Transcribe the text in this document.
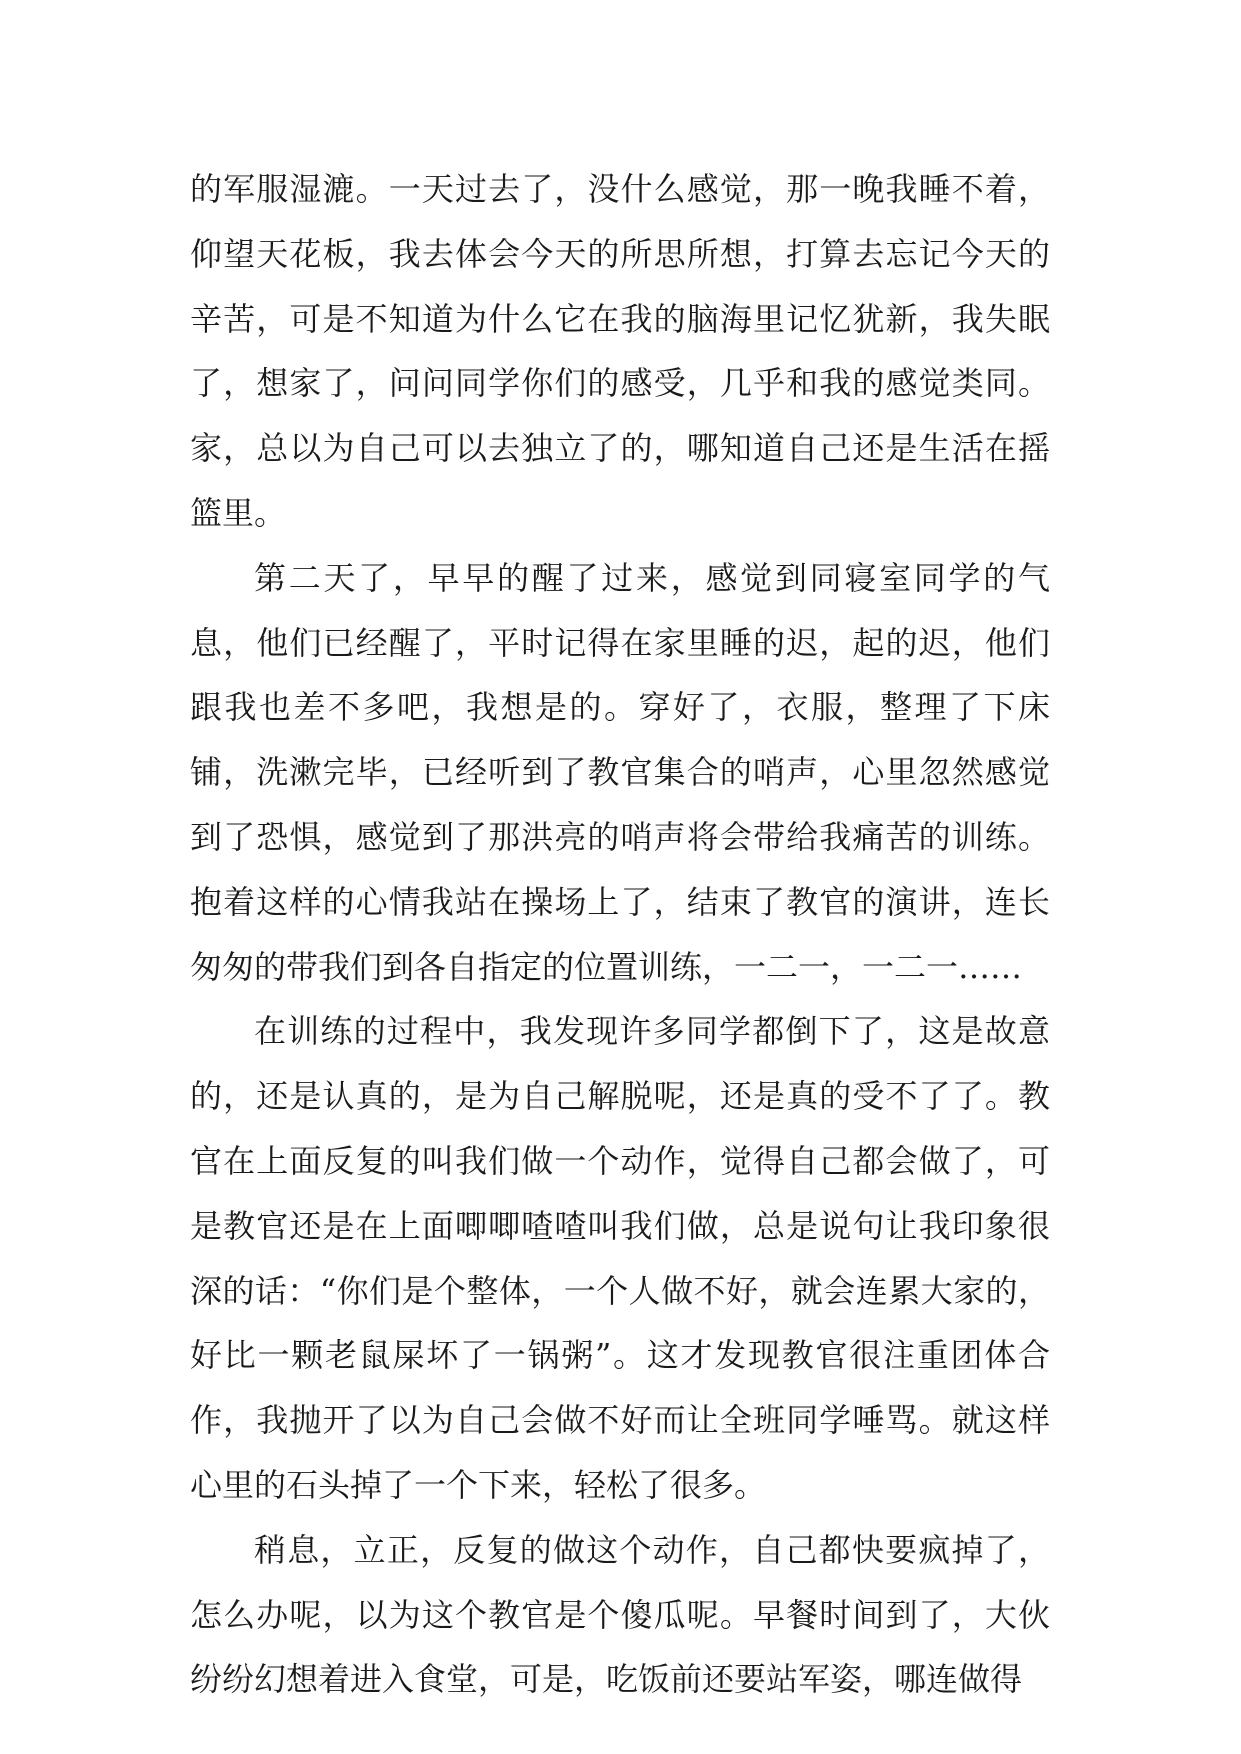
的军服湿漉。一天过去了，没什么感觉，那一晚我睡不着，仰望天花板，我去体会今天的所思所想，打算去忘记今天的辛苦，可是不知道为什么它在我的脑海里记忆犹新，我失眠了，想家了，问问同学你们的感受，几乎和我的感觉类同。家，总以为自己可以去独立了的，哪知道自己还是生活在摇篮里。

第二天了，早早的醒了过来，感觉到同寝室同学的气息，他们已经醒了，平时记得在家里睡的迟，起的迟，他们跟我也差不多吧，我想是的。穿好了，衣服，整理了下床铺，洗漱完毕，已经听到了教官集合的哨声，心里忽然感觉到了恐惧，感觉到了那洪亮的哨声将会带给我痛苦的训练。抱着这样的心情我站在操场上了，结束了教官的演讲，连长匆匆的带我们到各自指定的位置训练，一二一，一二一……

在训练的过程中，我发现许多同学都倒下了，这是故意的，还是认真的，是为自己解脱呢，还是真的受不了了。教官在上面反复的叫我们做一个动作，觉得自己都会做了，可是教官还是在上面唧唧喳喳叫我们做，总是说句让我印象很深的话：“你们是个整体，一个人做不好，就会连累大家的，好比一颗老鼠屎坏了一锅粥”。这才发现教官很注重团体合作，我抛开了以为自己会做不好而让全班同学唾骂。就这样心里的石头掉了一个下来，轻松了很多。

稍息，立正，反复的做这个动作，自己都快要疯掉了，怎么办呢，以为这个教官是个傻瓜呢。早餐时间到了，大伙纷纷幻想着进入食堂，可是，吃饭前还要站军姿，哪连做得
